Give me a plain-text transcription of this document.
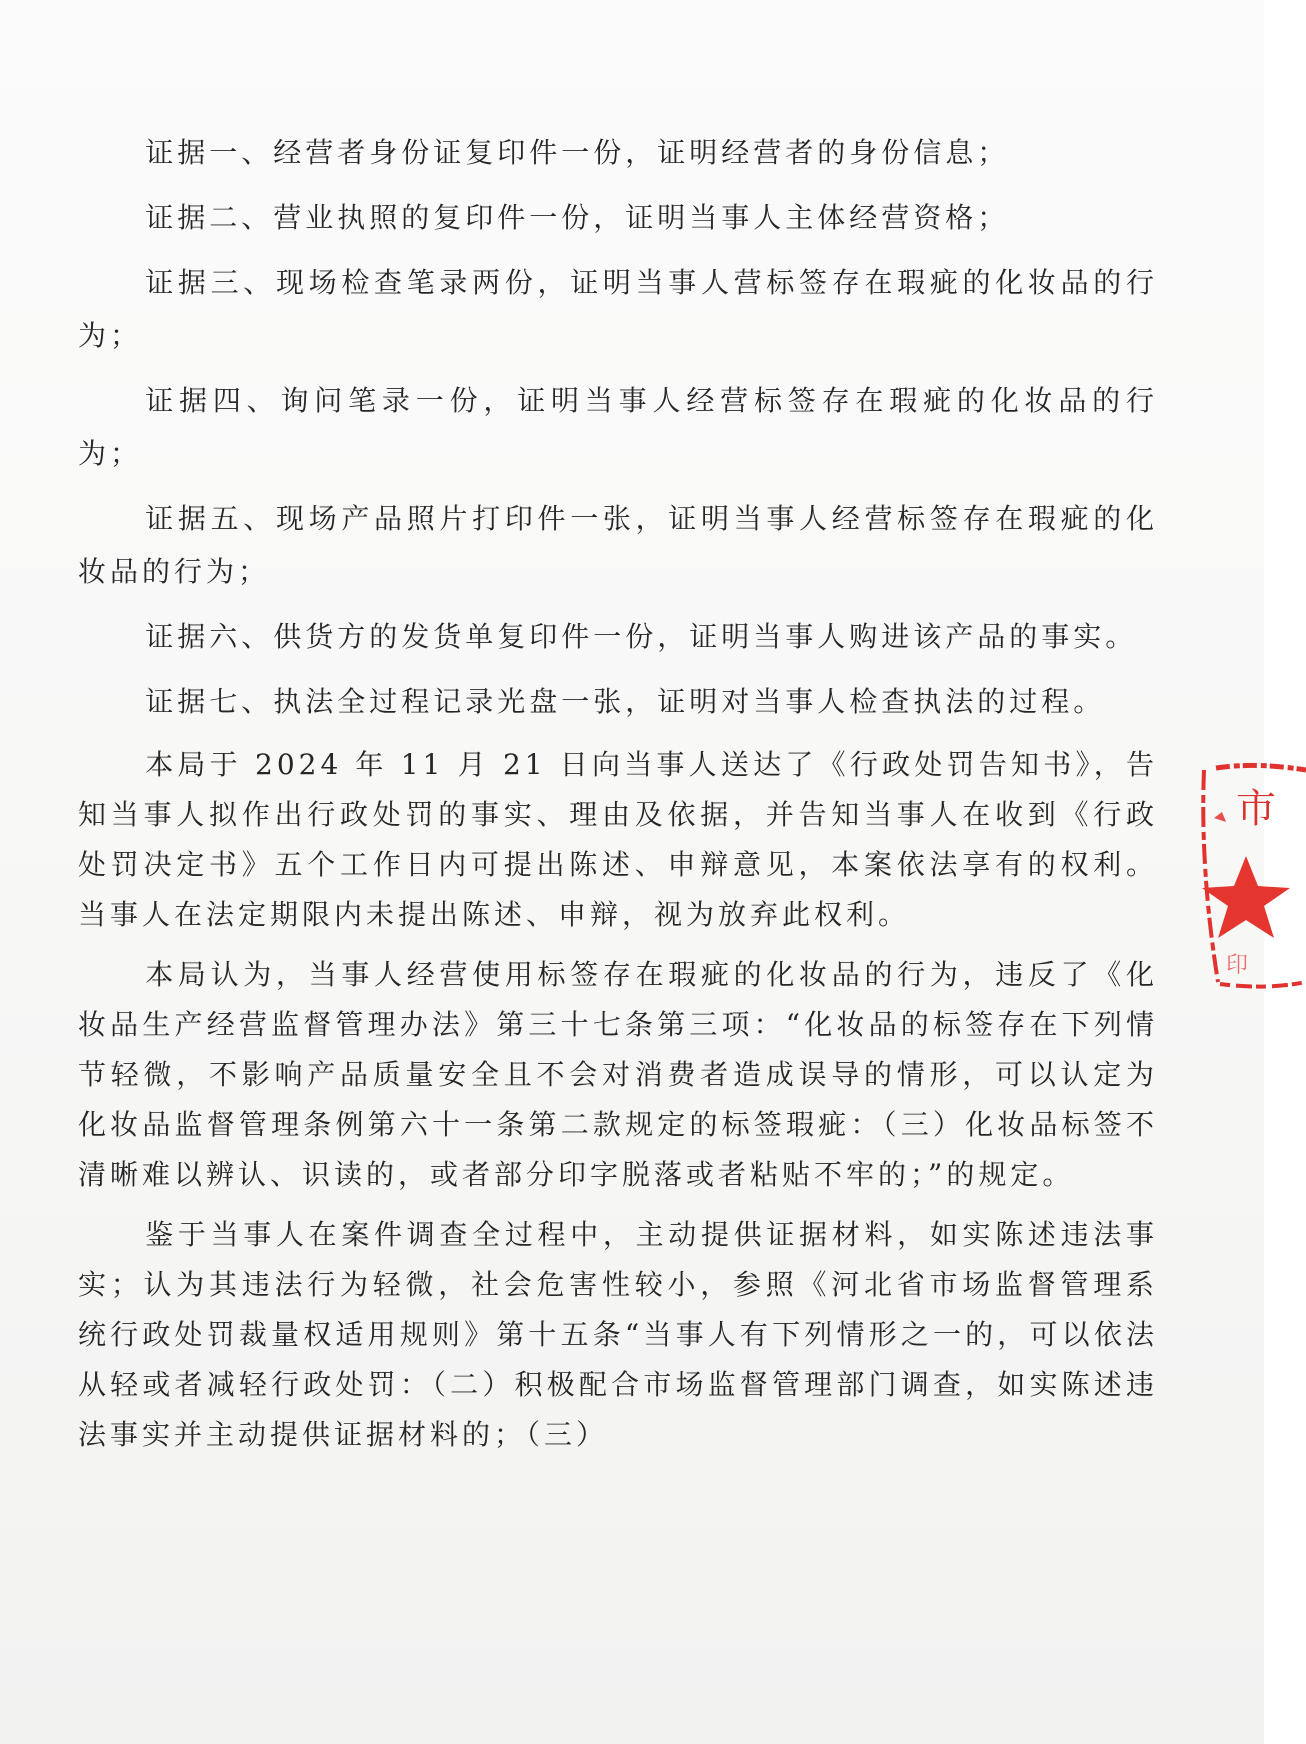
证据一、经营者身份证复印件一份，证明经营者的身份信息；

证据二、营业执照的复印件一份，证明当事人主体经营资格；

证据三、现场检查笔录两份，证明当事人营标签存在瑕疵的化妆品的行为；

证据四、询问笔录一份，证明当事人经营标签存在瑕疵的化妆品的行为；

证据五、现场产品照片打印件一张，证明当事人经营标签存在瑕疵的化妆品的行为；

证据六、供货方的发货单复印件一份，证明当事人购进该产品的事实。

证据七、执法全过程记录光盘一张，证明对当事人检查执法的过程。

本局于 2024 年 11 月 21 日向当事人送达了《行政处罚告知书》，告知当事人拟作出行政处罚的事实、理由及依据，并告知当事人在收到《行政处罚决定书》五个工作日内可提出陈述、申辩意见，本案依法享有的权利。当事人在法定期限内未提出陈述、申辩，视为放弃此权利。

本局认为，当事人经营使用标签存在瑕疵的化妆品的行为，违反了《化妆品生产经营监督管理办法》第三十七条第三项：“化妆品的标签存在下列情节轻微，不影响产品质量安全且不会对消费者造成误导的情形，可以认定为化妆品监督管理条例第六十一条第二款规定的标签瑕疵：（三）化妆品标签不清晰难以辨认、识读的，或者部分印字脱落或者粘贴不牢的；”的规定。

鉴于当事人在案件调查全过程中，主动提供证据材料，如实陈述违法事实；认为其违法行为轻微，社会危害性较小，参照《河北省市场监督管理系统行政处罚裁量权适用规则》第十五条“当事人有下列情形之一的，可以依法从轻或者减轻行政处罚：（二）积极配合市场监督管理部门调查，如实陈述违法事实并主动提供证据材料的；（三）

市
印
